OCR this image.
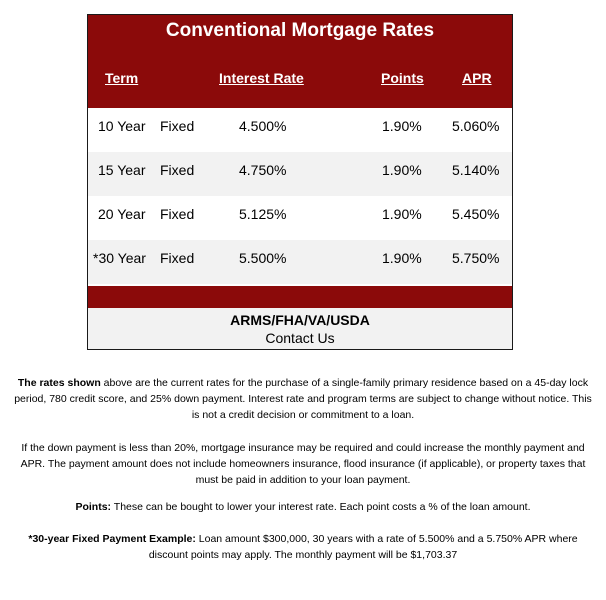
Conventional Mortgage Rates
Term	Interest Rate	Points	APR
10 Year Fixed	4.500%	1.90% 5.060%
15 Year Fixed	4.750%	1.90% 5.140%
20 Year Fixed	5.125%	1.90% 5.450%
*30 Year Fixed	5.500%	1.90% 5.750%
ARMS/FHA/VA/USDA
Contact Us
The rates shown above are the current rates for the purchase of a single-family primary residence based on a 45-day lock period, 780 credit score, and 25% down payment. Interest rate and program terms are subject to change without notice. This is not a credit decision or commitment to a loan.
If the down payment is less than 20%, mortgage insurance may be required and could increase the monthly payment and APR. The payment amount does not include homeowners insurance, flood insurance (if applicable), or property taxes that must be paid in addition to your loan payment.
Points: These can be bought to lower your interest rate. Each point costs a % of the loan amount.
*30-year Fixed Payment Example: Loan amount $300,000, 30 years with a rate of 5.500% and a 5.750% APR where discount points may apply. The monthly payment will be $1,703.37
